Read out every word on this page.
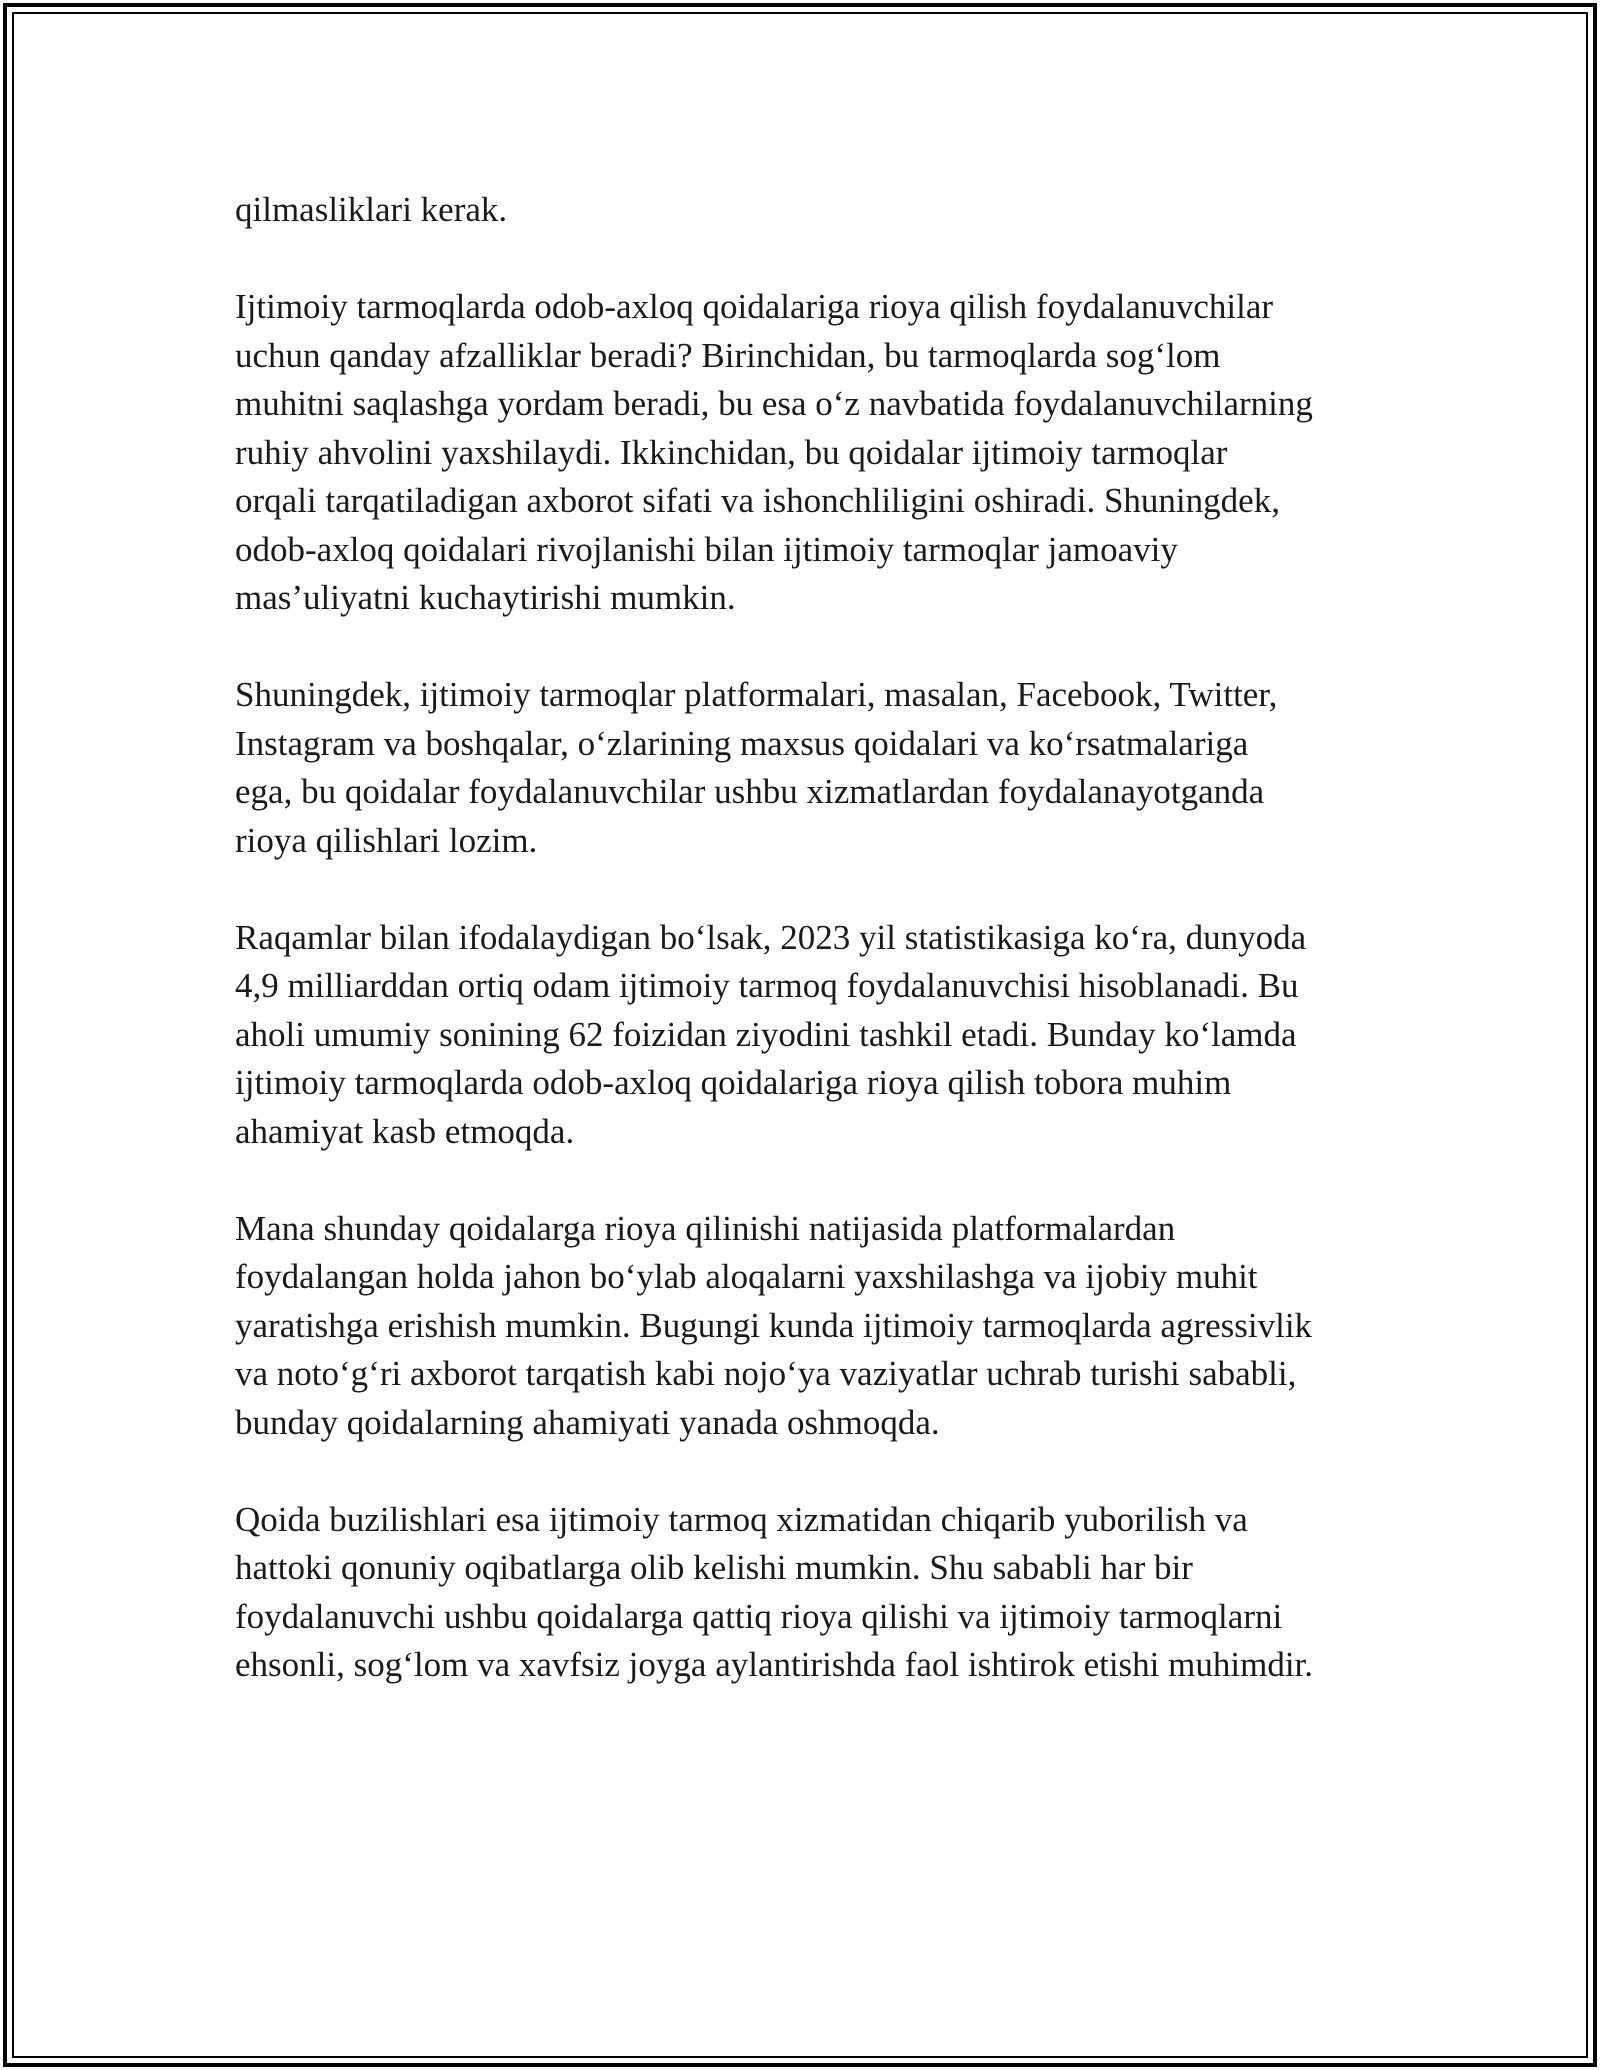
qilmasliklari kerak.

Ijtimoiy tarmoqlarda odob-axloq qoidalariga rioya qilish foydalanuvchilar
uchun qanday afzalliklar beradi? Birinchidan, bu tarmoqlarda sog‘lom
muhitni saqlashga yordam beradi, bu esa o‘z navbatida foydalanuvchilarning
ruhiy ahvolini yaxshilaydi. Ikkinchidan, bu qoidalar ijtimoiy tarmoqlar
orqali tarqatiladigan axborot sifati va ishonchliligini oshiradi. Shuningdek,
odob-axloq qoidalari rivojlanishi bilan ijtimoiy tarmoqlar jamoaviy
mas’uliyatni kuchaytirishi mumkin.

Shuningdek, ijtimoiy tarmoqlar platformalari, masalan, Facebook, Twitter,
Instagram va boshqalar, o‘zlarining maxsus qoidalari va ko‘rsatmalariga
ega, bu qoidalar foydalanuvchilar ushbu xizmatlardan foydalanayotganda
rioya qilishlari lozim.

Raqamlar bilan ifodalaydigan bo‘lsak, 2023 yil statistikasiga ko‘ra, dunyoda
4,9 milliarddan ortiq odam ijtimoiy tarmoq foydalanuvchisi hisoblanadi. Bu
aholi umumiy sonining 62 foizidan ziyodini tashkil etadi. Bunday ko‘lamda
ijtimoiy tarmoqlarda odob-axloq qoidalariga rioya qilish tobora muhim
ahamiyat kasb etmoqda.

Mana shunday qoidalarga rioya qilinishi natijasida platformalardan
foydalangan holda jahon bo‘ylab aloqalarni yaxshilashga va ijobiy muhit
yaratishga erishish mumkin. Bugungi kunda ijtimoiy tarmoqlarda agressivlik
va noto‘g‘ri axborot tarqatish kabi nojo‘ya vaziyatlar uchrab turishi sababli,
bunday qoidalarning ahamiyati yanada oshmoqda.

Qoida buzilishlari esa ijtimoiy tarmoq xizmatidan chiqarib yuborilish va
hattoki qonuniy oqibatlarga olib kelishi mumkin. Shu sababli har bir
foydalanuvchi ushbu qoidalarga qattiq rioya qilishi va ijtimoiy tarmoqlarni
ehsonli, sog‘lom va xavfsiz joyga aylantirishda faol ishtirok etishi muhimdir.
